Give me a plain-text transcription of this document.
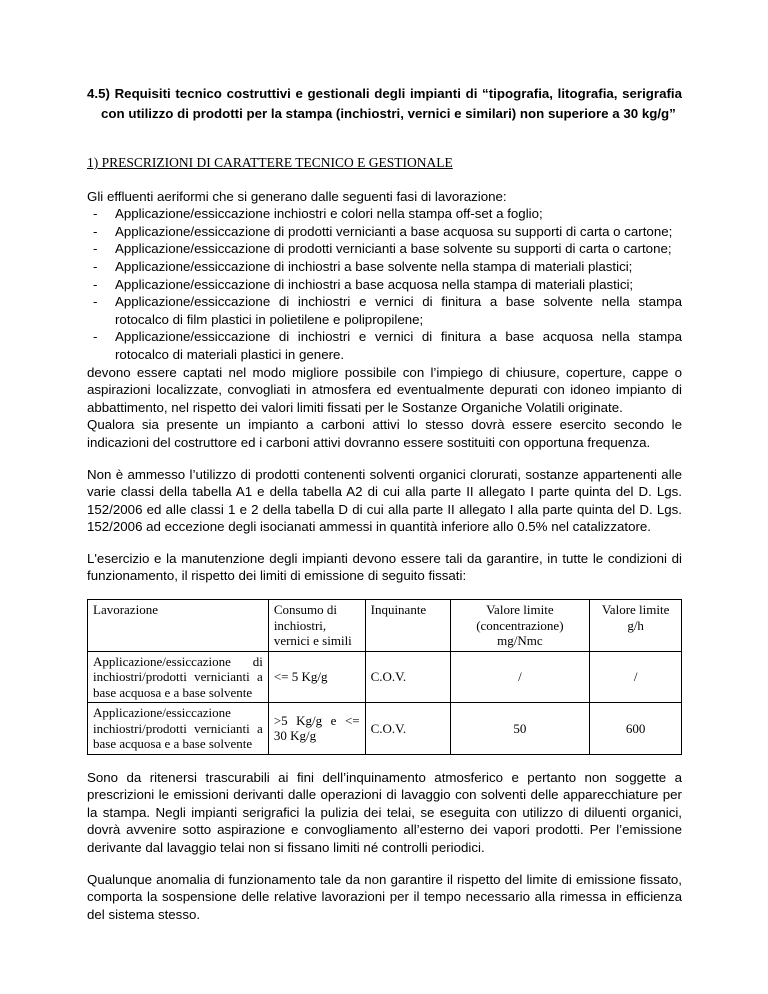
4.5) Requisiti tecnico costruttivi e gestionali degli impianti di “tipografia, litografia, serigrafia con utilizzo di prodotti per la stampa (inchiostri, vernici e similari) non superiore a 30 kg/g”

1) PRESCRIZIONI DI CARATTERE TECNICO E GESTIONALE

Gli effluenti aeriformi che si generano dalle seguenti fasi di lavorazione:

- Applicazione/essiccazione inchiostri e colori nella stampa off-set a foglio;
- Applicazione/essiccazione di prodotti vernicianti a base acquosa su supporti di carta o cartone;
- Applicazione/essiccazione di prodotti vernicianti a base solvente su supporti di carta o cartone;
- Applicazione/essiccazione di inchiostri a base solvente nella stampa di materiali plastici;
- Applicazione/essiccazione di inchiostri a base acquosa nella stampa di materiali plastici;
- Applicazione/essiccazione di inchiostri e vernici di finitura a base solvente nella stampa rotocalco di film plastici in polietilene e polipropilene;
- Applicazione/essiccazione di inchiostri e vernici di finitura a base acquosa nella stampa rotocalco di materiali plastici in genere.

devono essere captati nel modo migliore possibile con l’impiego di chiusure, coperture, cappe o aspirazioni localizzate, convogliati in atmosfera ed eventualmente depurati con idoneo impianto di abbattimento, nel rispetto dei valori limiti fissati per le Sostanze Organiche Volatili originate.

Qualora sia presente un impianto a carboni attivi lo stesso dovrà essere esercito secondo le indicazioni del costruttore ed i carboni attivi dovranno essere sostituiti con opportuna frequenza.

Non è ammesso l’utilizzo di prodotti contenenti solventi organici clorurati, sostanze appartenenti alle varie classi della tabella A1 e della tabella A2 di cui alla parte II allegato I parte quinta del D. Lgs. 152/2006 ed alle classi 1 e 2 della tabella D di cui alla parte II allegato I alla parte quinta del D. Lgs. 152/2006 ad eccezione degli isocianati ammessi in quantità inferiore allo 0.5% nel catalizzatore.

L'esercizio e la manutenzione degli impianti devono essere tali da garantire, in tutte le condizioni di funzionamento, il rispetto dei limiti di emissione di seguito fissati:

Lavorazione	Consumo di inchiostri, vernici e simili	Inquinante	Valore limite (concentrazione) mg/Nmc	Valore limite g/h
Applicazione/essiccazione di inchiostri/prodotti vernicianti a base acquosa e a base solvente	<= 5 Kg/g	C.O.V.	/	/
Applicazione/essiccazione inchiostri/prodotti vernicianti a base acquosa e a base solvente	>5 Kg/g e <= 30 Kg/g	C.O.V.	50	600

Sono da ritenersi trascurabili ai fini dell’inquinamento atmosferico e pertanto non soggette a prescrizioni le emissioni derivanti dalle operazioni di lavaggio con solventi delle apparecchiature per la stampa. Negli impianti serigrafici la pulizia dei telai, se eseguita con utilizzo di diluenti organici, dovrà avvenire sotto aspirazione e convogliamento all’esterno dei vapori prodotti. Per l’emissione derivante dal lavaggio telai non si fissano limiti né controlli periodici.

Qualunque anomalia di funzionamento tale da non garantire il rispetto del limite di emissione fissato, comporta la sospensione delle relative lavorazioni per il tempo necessario alla rimessa in efficienza del sistema stesso.
